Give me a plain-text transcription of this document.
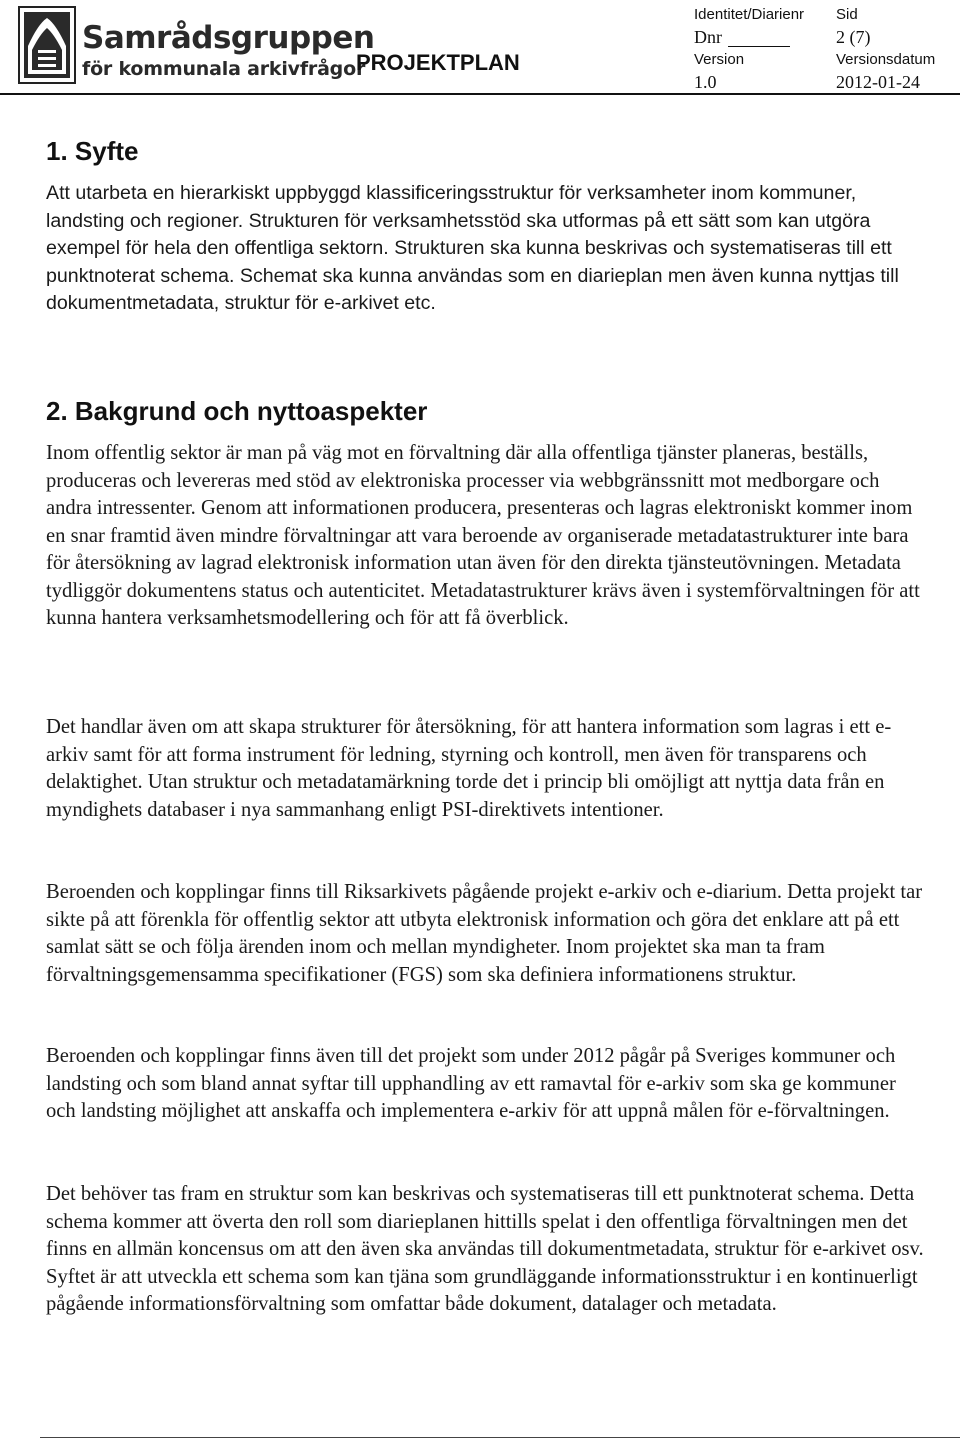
Samrådsgruppen
för kommunala arkivfrågor
PROJEKTPLAN
Identitet/Diarienr Sid
Dnr	2 (7)
Version	Versionsdatum
1.0	2012-01-24
1. Syfte

Att utarbeta en hierarkiskt uppbyggd klassificeringsstruktur för verksamheter inom kommuner, landsting och regioner. Strukturen för verksamhetsstöd ska utformas på ett sätt som kan utgöra exempel för hela den offentliga sektorn. Strukturen ska kunna beskrivas och systematiseras till ett punktnoterat schema. Schemat ska kunna användas som en diarieplan men även kunna nyttjas till dokumentmetadata, struktur för e-arkivet etc.

2. Bakgrund och nyttoaspekter

Inom offentlig sektor är man på väg mot en förvaltning där alla offentliga tjänster planeras, beställs, produceras och levereras med stöd av elektroniska processer via webbgränssnitt mot medborgare och andra intressenter. Genom att informationen producera, presenteras och lagras elektroniskt kommer inom en snar framtid även mindre förvaltningar att vara beroende av organiserade metadatastrukturer inte bara för återsökning av lagrad elektronisk information utan även för den direkta tjänsteutövningen. Metadata tydliggör dokumentens status och autenticitet. Metadatastrukturer krävs även i systemförvaltningen för att kunna hantera verksamhetsmodellering och för att få överblick.

Det handlar även om att skapa strukturer för återsökning, för att hantera information som lagras i ett e-arkiv samt för att forma instrument för ledning, styrning och kontroll, men även för transparens och delaktighet. Utan struktur och metadatamärkning torde det i princip bli omöjligt att nyttja data från en myndighets databaser i nya sammanhang enligt PSI-direktivets intentioner.

Beroenden och kopplingar finns till Riksarkivets pågående projekt e-arkiv och e-diarium. Detta projekt tar sikte på att förenkla för offentlig sektor att utbyta elektronisk information och göra det enklare att på ett samlat sätt se och följa ärenden inom och mellan myndigheter. Inom projektet ska man ta fram förvaltningsgemensamma specifikationer (FGS) som ska definiera informationens struktur.

Beroenden och kopplingar finns även till det projekt som under 2012 pågår på Sveriges kommuner och landsting och som bland annat syftar till upphandling av ett ramavtal för e-arkiv som ska ge kommuner och landsting möjlighet att anskaffa och implementera e-arkiv för att uppnå målen för e-förvaltningen.

Det behöver tas fram en struktur som kan beskrivas och systematiseras till ett punktnoterat schema. Detta schema kommer att överta den roll som diarieplanen hittills spelat i den offentliga förvaltningen men det finns en allmän koncensus om att den även ska användas till dokumentmetadata, struktur för e-arkivet osv. Syftet är att utveckla ett schema som kan tjäna som grundläggande informationsstruktur i en kontinuerligt pågående informationsförvaltning som omfattar både dokument, datalager och metadata.
